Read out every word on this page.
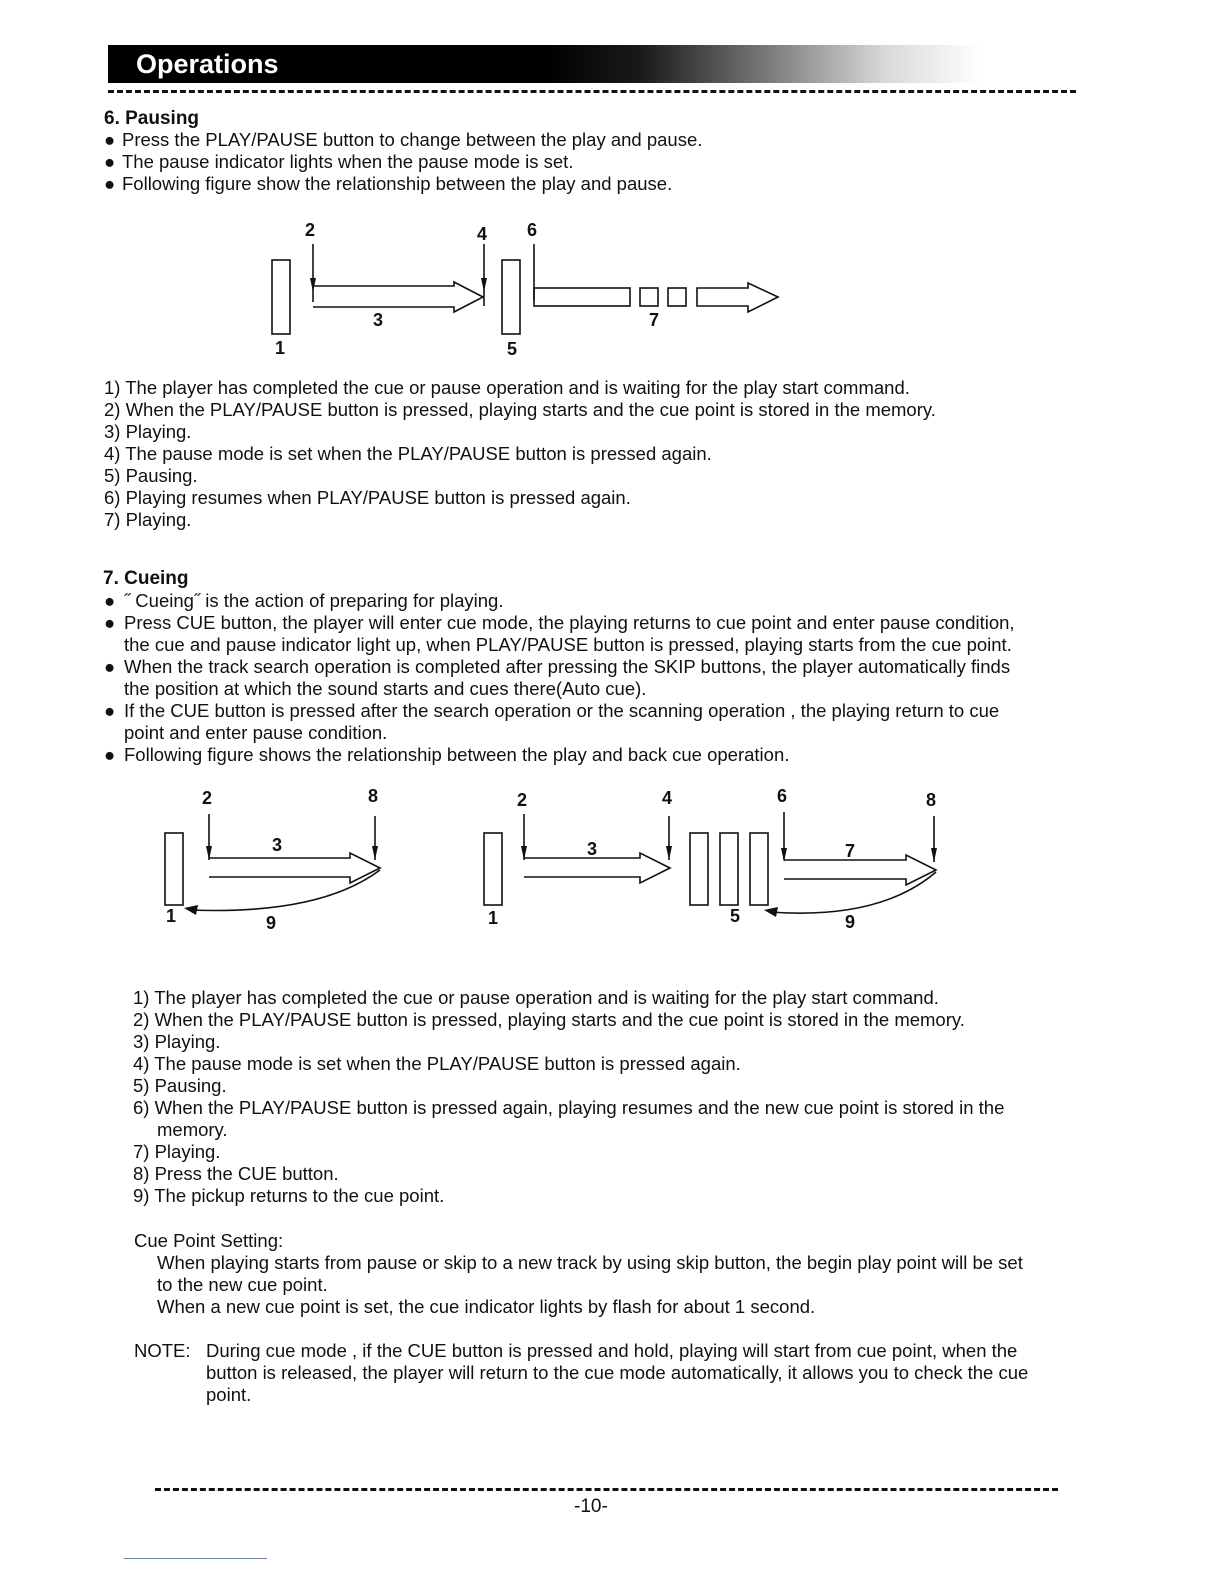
Operations
6. Pausing
● Press the PLAY/PAUSE button to change between the play and pause.
● The pause indicator lights when the pause mode is set.
● Following figure show the relationship between the play and pause.
1
2
3
4
5
6
7
1) The player has completed the cue or pause operation and is waiting for the play start command.
2) When the PLAY/PAUSE button is pressed, playing starts and the cue point is stored in the memory.
3) Playing.
4) The pause mode is set when the PLAY/PAUSE button is pressed again.
5) Pausing.
6) Playing resumes when PLAY/PAUSE button is pressed again.
7) Playing.
7. Cueing
● ˝ Cueing˝ is the action of preparing for playing.
● Press CUE button, the player will enter cue mode, the playing returns to cue point and enter pause condition,
the cue and pause indicator light up, when PLAY/PAUSE button is pressed, playing starts from the cue point.
● When the track search operation is completed after pressing the SKIP buttons, the player automatically finds
the position at which the sound starts and cues there(Auto cue).
● If the CUE button is pressed after the search operation or the scanning operation , the playing return to cue
point and enter pause condition.
● Following figure shows the relationship between the play and back cue operation.
1
2
3
8
9	1
2
3
4
5
6
7
8
9
1) The player has completed the cue or pause operation and is waiting for the play start command.
2) When the PLAY/PAUSE button is pressed, playing starts and the cue point is stored in the memory.
3) Playing.
4) The pause mode is set when the PLAY/PAUSE button is pressed again.
5) Pausing.
6) When the PLAY/PAUSE button is pressed again, playing resumes and the new cue point is stored in the
memory.
7) Playing.
8) Press the CUE button.
9) The pickup returns to the cue point.
Cue Point Setting:
When playing starts from pause or skip to a new track by using skip button, the begin play point will be set
to the new cue point.
When a new cue point is set, the cue indicator lights by flash for about 1 second.
NOTE: During cue mode , if the CUE button is pressed and hold, playing will start from cue point, when the
button is released, the player will return to the cue mode automatically, it allows you to check the cue
point.
-10-
